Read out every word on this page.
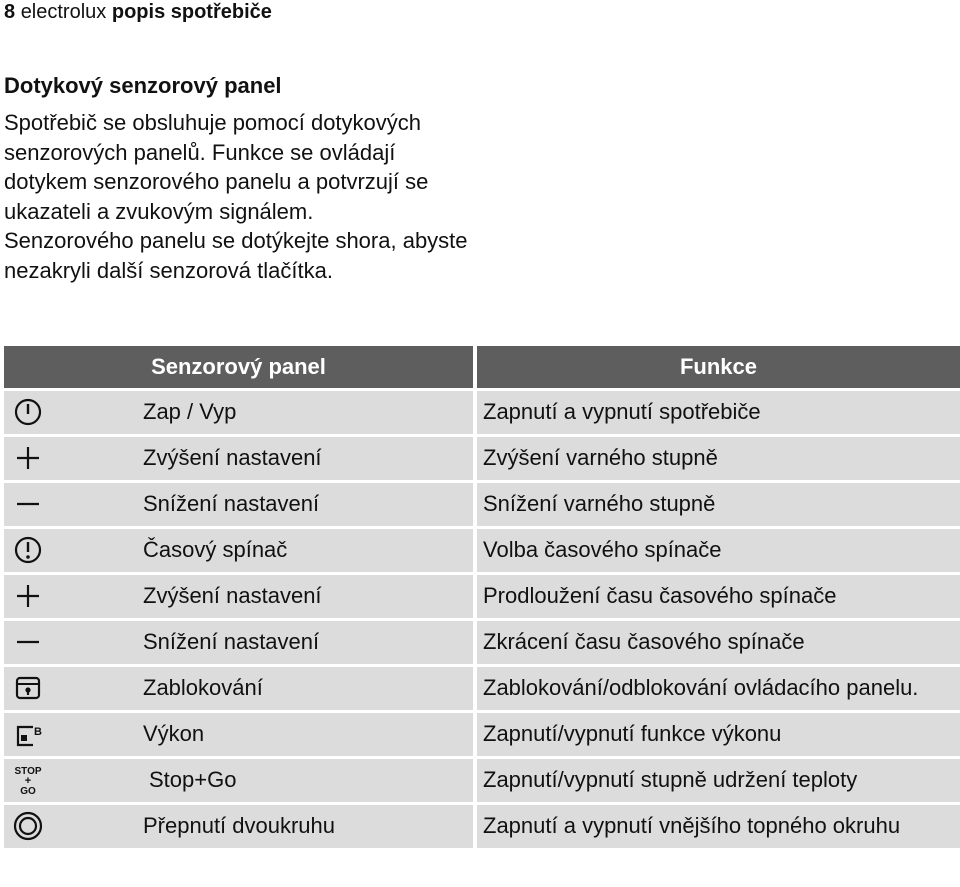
8 electrolux popis spotřebiče
Dotykový senzorový panel

Spotřebič se obsluhuje pomocí dotykových senzorových panelů. Funkce se ovládají dotykem senzorového panelu a potvrzují se ukazateli a zvukovým signálem.

Senzorového panelu se dotýkejte shora, abyste nezakryli další senzorová tlačítka.

Senzorový panel		Funkce

	Zap / Vyp	Zapnutí a vypnutí spotřebiče

	Zvýšení nastavení	Zvýšení varného stupně

	Snížení nastavení	Snížení varného stupně

	Časový spínač	Volba časového spínače

	Zvýšení nastavení	Prodloužení času časového spínače

	Snížení nastavení	Zkrácení času časového spínače

	Zablokování	Zablokování/odblokování ovládacího panelu.

B	Výkon	Zapnutí/vypnutí funkce výkonu

STOP
+
GO	Stop+Go	Zapnutí/vypnutí stupně udržení teploty

	Přepnutí dvoukruhu	Zapnutí a vypnutí vnějšího topného okruhu
